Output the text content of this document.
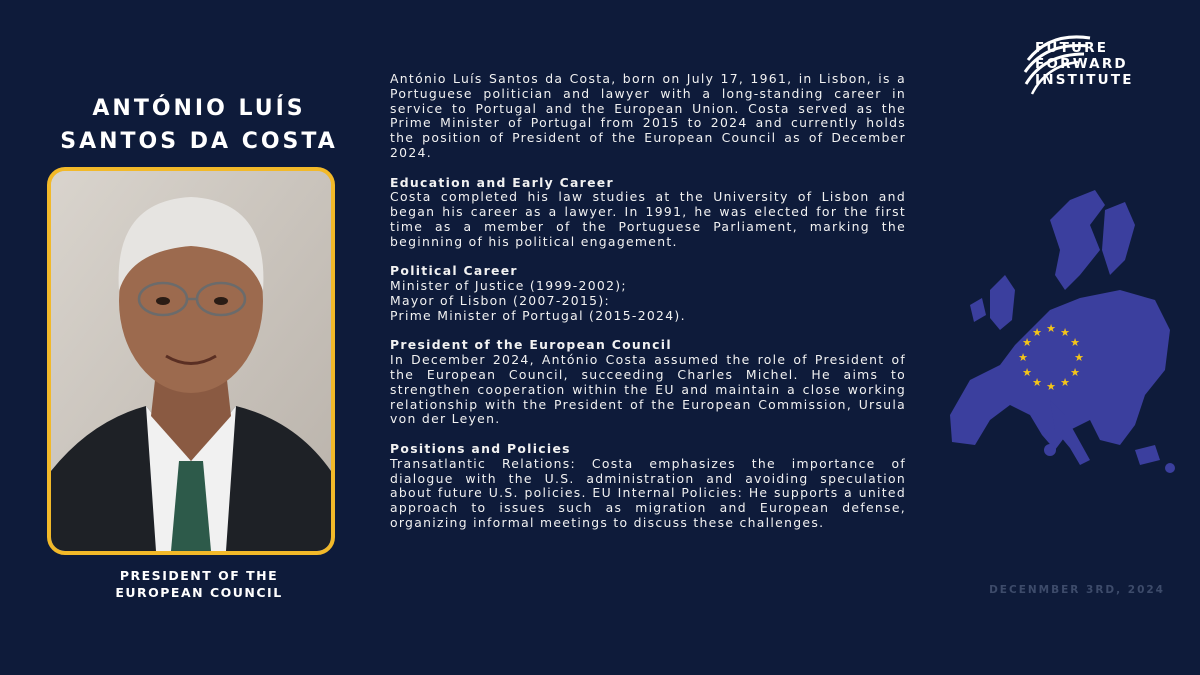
ANTÓNIO LUÍS
SANTOS DA COSTA
PRESIDENT OF THE
EUROPEAN COUNCIL

António Luís Santos da Costa, born on July 17, 1961, in Lisbon, is a Portuguese politician and lawyer with a long-standing career in service to Portugal and the European Union. Costa served as the Prime Minister of Portugal from 2015 to 2024 and currently holds the position of President of the European Council as of December 2024.

Education and Early Career

Costa completed his law studies at the University of Lisbon and began his career as a lawyer. In 1991, he was elected for the first time as a member of the Portuguese Parliament, marking the beginning of his political engagement.

Political Career
Minister of Justice (1999-2002);
Mayor of Lisbon (2007-2015):
Prime Minister of Portugal (2015-2024).
President of the European Council

In December 2024, António Costa assumed the role of President of the European Council, succeeding Charles Michel. He aims to strengthen cooperation within the EU and maintain a close working relationship with the President of the European Commission, Ursula von der Leyen.

Positions and Policies

Transatlantic Relations: Costa emphasizes the importance of dialogue with the U.S. administration and avoiding speculation about future U.S. policies. EU Internal Policies: He supports a united approach to issues such as migration and European defense, organizing informal meetings to discuss these challenges.

FUTURE
FORWARD
INSTITUTE
★ ★
★
★
★
★
★
★
★
★
★
★
DECENMBER 3RD, 2024
